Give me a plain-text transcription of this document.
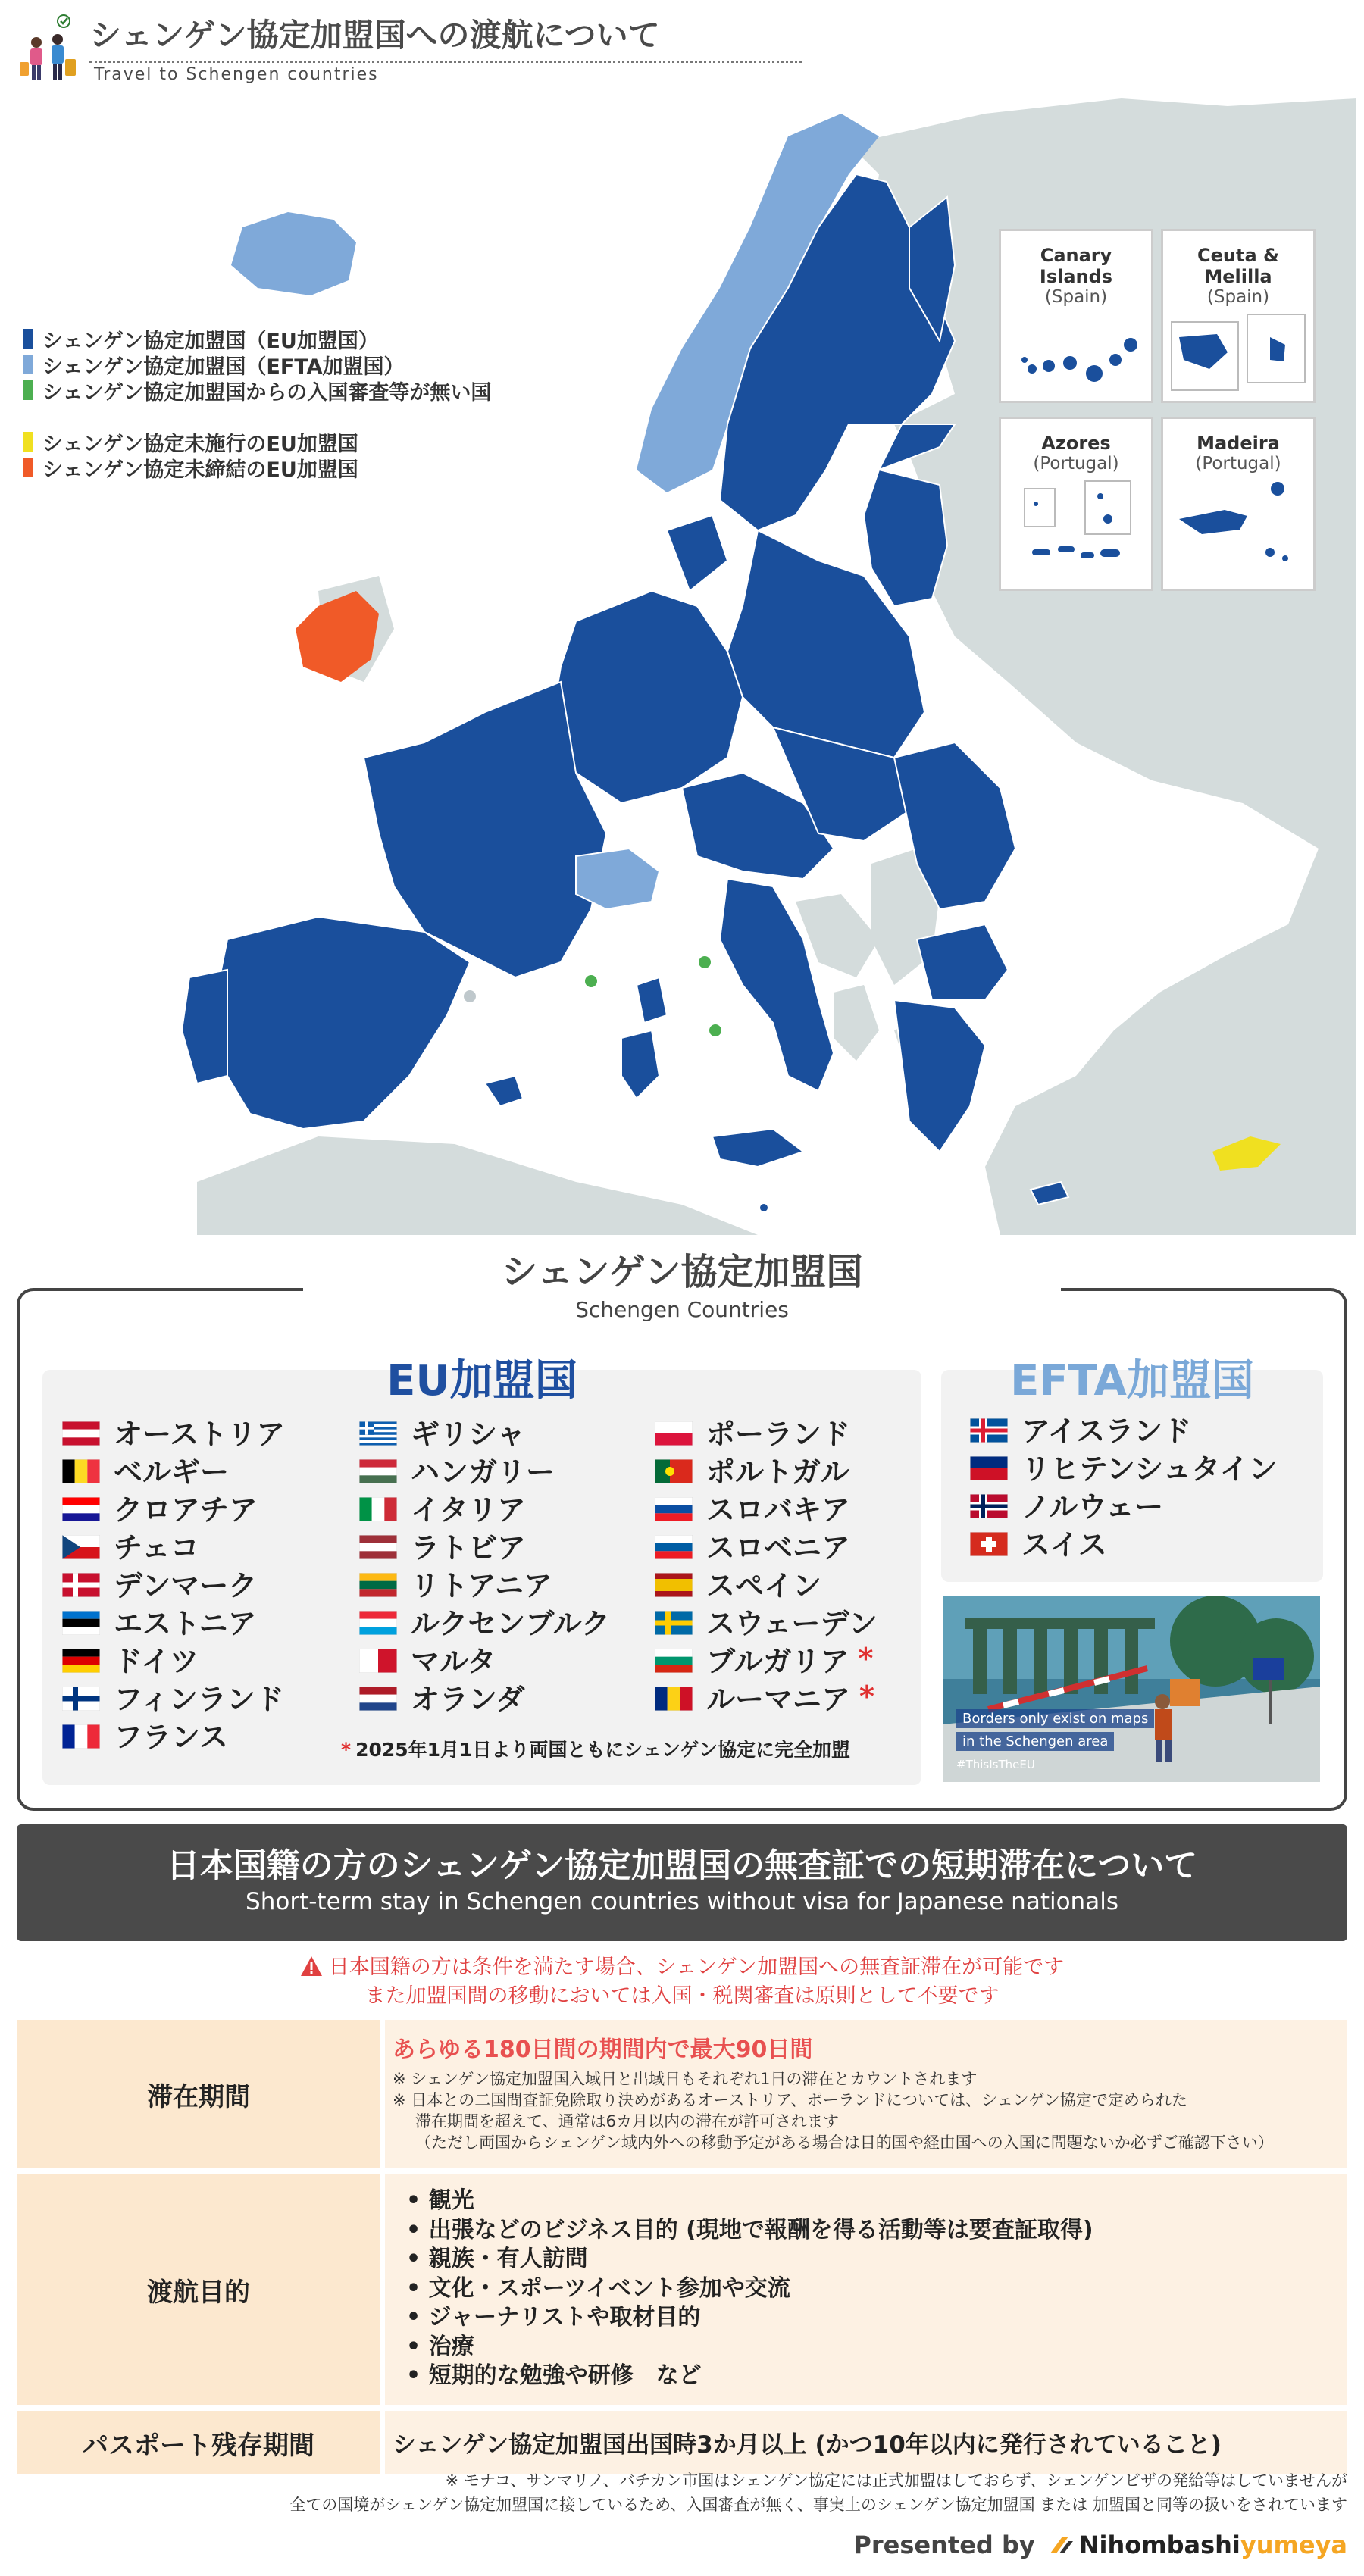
シェンゲン協定加盟国への渡航について
Travel to Schengen countries
シェンゲン協定加盟国（EU加盟国）
シェンゲン協定加盟国（EFTA加盟国）
シェンゲン協定加盟国からの入国審査等が無い国
シェンゲン協定未施行のEU加盟国
シェンゲン協定未締結のEU加盟国
Canary Islands
(Spain)
Ceuta & Melilla
(Spain)
Azores
(Portugal)
Madeira
(Portugal)
シェンゲン協定加盟国
Schengen Countries
EU加盟国	EFTA加盟国
オーストリア
ベルギー
クロアチア
チェコ
デンマーク
エストニア
ドイツ
フィンランド
フランス
ギリシャ
ハンガリー
イタリア
ラトビア
リトアニア
ルクセンブルク
マルタ
オランダ
ポーランド
ポルトガル
スロバキア
スロベニア
スペイン
スウェーデン
ブルガリア *
ルーマニア *
* 2025年1月1日より両国ともにシェンゲン協定に完全加盟
アイスランド
リヒテンシュタイン
ノルウェー
スイス
Borders only exist on maps
in the Schengen area
#ThisIsTheEU
日本国籍の方のシェンゲン協定加盟国の無査証での短期滞在について
Short-term stay in Schengen countries without visa for Japanese nationals
日本国籍の方は条件を満たす場合、シェンゲン加盟国への無査証滞在が可能です
また加盟国間の移動においては入国・税関審査は原則として不要です
滞在期間
あらゆる180日間の期間内で最大90日間
※ シェンゲン協定加盟国入域日と出域日もそれぞれ1日の滞在とカウントされます
※ 日本との二国間査証免除取り決めがあるオーストリア、ポーランドについては、シェンゲン協定で定められた
滞在期間を超えて、通常は6カ月以内の滞在が許可されます
（ただし両国からシェンゲン域内外への移動予定がある場合は目的国や経由国への入国に問題ないか必ずご確認下さい）
渡航目的
• 観光
• 出張などのビジネス目的 (現地で報酬を得る活動等は要査証取得)
• 親族・有人訪問
• 文化・スポーツイベント参加や交流
• ジャーナリストや取材目的
• 治療
• 短期的な勉強や研修　など
パスポート残存期間	シェンゲン協定加盟国出国時3か月以上 (かつ10年以内に発行されていること)
※ モナコ、サンマリノ、バチカン市国はシェンゲン協定には正式加盟はしておらず、シェンゲンビザの発給等はしていませんが
全ての国境がシェンゲン協定加盟国に接しているため、入国審査が無く、事実上のシェンゲン協定加盟国 または 加盟国と同等の扱いをされています
Presented by Nihombashi yumeya
